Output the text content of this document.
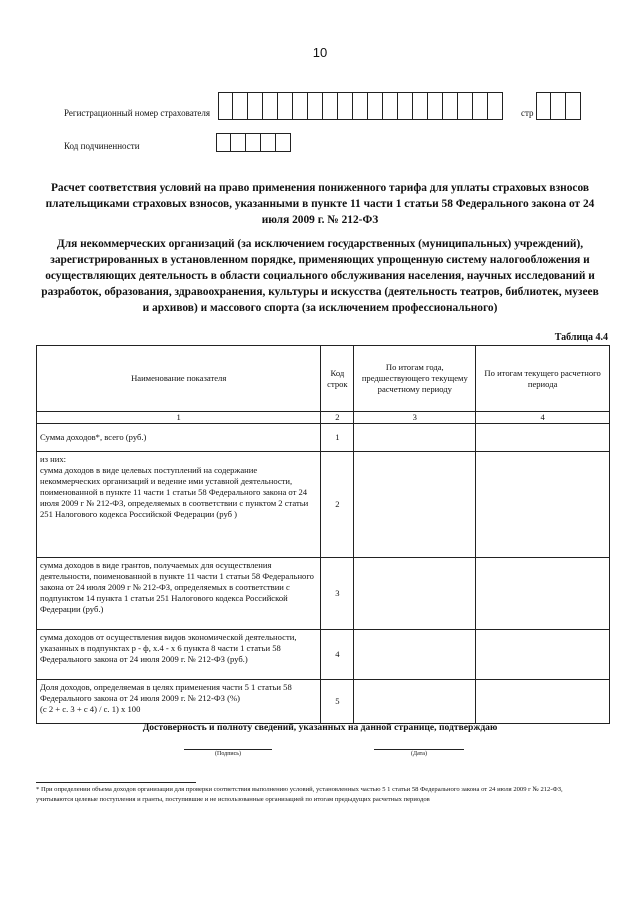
10
Регистрационный номер страхователя	стр
Код подчиненности
Расчет соответствия условий на право применения пониженного тарифа для уплаты страховых взносов плательщиками страховых взносов, указанными в пункте 11 части 1 статьи 58 Федерального закона от 24 июля 2009 г. № 212-ФЗ
Для некоммерческих организаций (за исключением государственных (муниципальных) учреждений), зарегистрированных в установленном порядке, применяющих упрощенную систему налогообложения и осуществляющих деятельность в области социального обслуживания населения, научных исследований и разработок, образования, здравоохранения, культуры и искусства (деятельность театров, библиотек, музеев и архивов) и массового спорта (за исключением профессионального)
Таблица 4.4
Наименование показателя	Код строк	По итогам года, предшествующего текущему расчетному периоду	По итогам текущего расчетного периода
1	2	3	4
Сумма доходов*, всего (руб.)	1		
из них:
сумма доходов в виде целевых поступлений на содержание некоммерческих организаций и ведение ими уставной деятельности, поименованной в пункте 11 части 1 статьи 58 Федерального закона от 24 июля 2009 г № 212-ФЗ, определяемых в соответствии с пунктом 2 статьи 251 Налогового кодекса Российской Федерации (руб )	2		
сумма доходов в виде грантов, получаемых для осуществления деятельности, поименованной в пункте 11 части 1 статьи 58 Федерального закона от 24 июля 2009 г № 212-ФЗ, определяемых в соответствии с подпунктом 14 пункта 1 статьи 251 Налогового кодекса Российской Федерации (руб.)	3		
сумма доходов от осуществления видов экономической деятельности, указанных в подпунктах р - ф, х.4 - х 6 пункта 8 части 1 статьи 58 Федерального закона от 24 июля 2009 г. № 212-ФЗ (руб.)	4		
Доля доходов, определяемая в целях применения части 5 1 статьи 58 Федерального закона от 24 июля 2009 г. № 212-ФЗ (%)
(с 2 + с. 3 + с 4) / с. 1) х 100	5		
Достоверность и полноту сведений, указанных на данной странице, подтверждаю
(Подпись)	(Дата)
* При определении объема доходов организации для проверки соответствия выполнению условий, установленных частью 5 1 статьи 58 Федерального закона от 24 июля 2009 г № 212-ФЗ, учитываются целевые поступления и гранты, поступившие и не использованные организацией по итогам предыдущих расчетных периодов
